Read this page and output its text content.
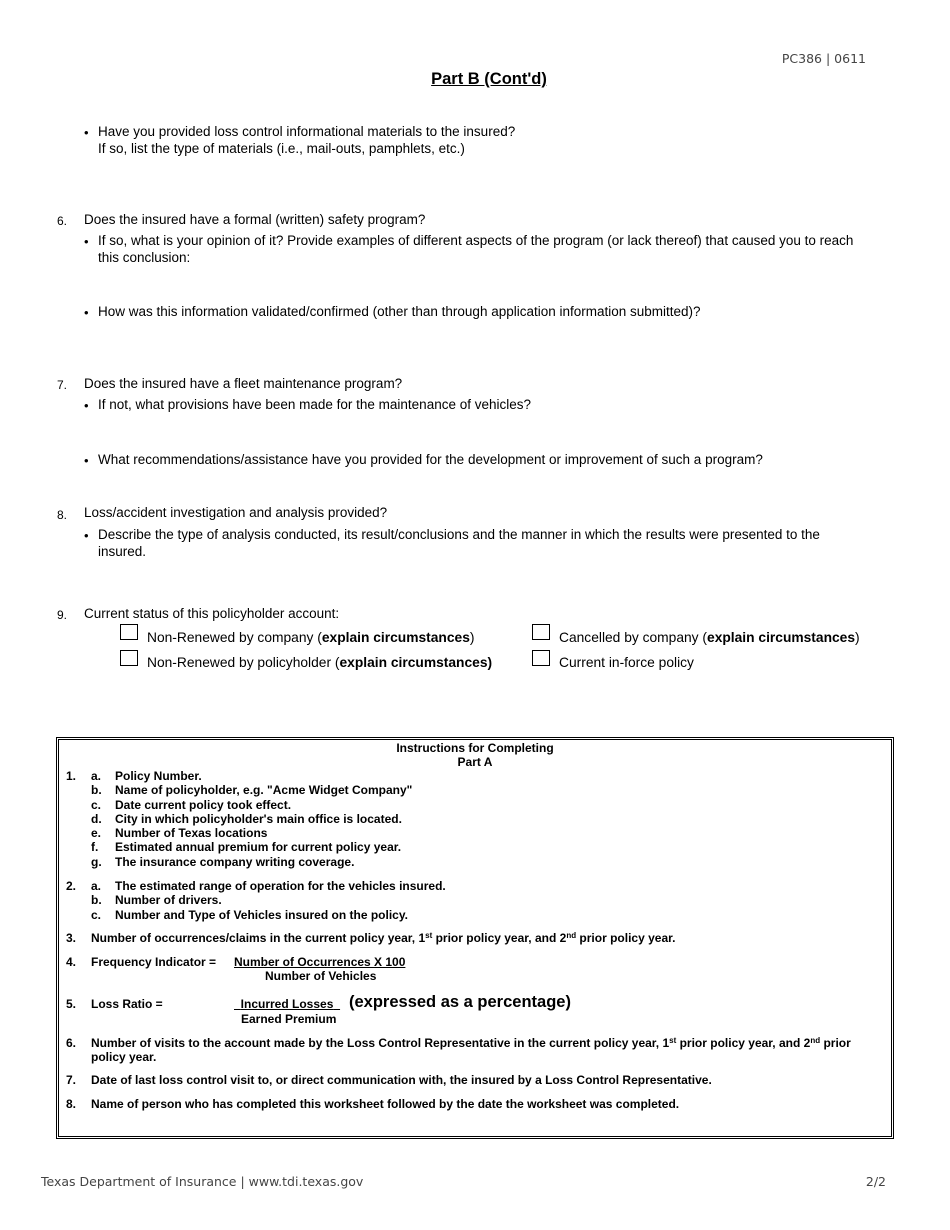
PC386 | 0611
Part B (Cont'd)
• Have you provided loss control informational materials to the insured?
If so, list the type of materials (i.e., mail-outs, pamphlets, etc.)
6. Does the insured have a formal (written) safety program?
• If so, what is your opinion of it? Provide examples of different aspects of the program (or lack thereof) that caused you to reach
this conclusion:
• How was this information validated/confirmed (other than through application information submitted)?
7. Does the insured have a fleet maintenance program?
• If not, what provisions have been made for the maintenance of vehicles?
• What recommendations/assistance have you provided for the development or improvement of such a program?
8. Loss/accident investigation and analysis provided?
• Describe the type of analysis conducted, its result/conclusions and the manner in which the results were presented to the
insured.
9. Current status of this policyholder account:
Non-Renewed by company (explain circumstances)	Cancelled by company (explain circumstances)
Non-Renewed by policyholder (explain circumstances)	Current in-force policy
Instructions for Completing
Part A
1. a.	Policy Number.
b.	Name of policyholder, e.g. "Acme Widget Company"
c.	Date current policy took effect.
d.	City in which policyholder's main office is located.
e.	Number of Texas locations
f.	Estimated annual premium for current policy year.
g.	The insurance company writing coverage.
2. a.	The estimated range of operation for the vehicles insured.
b.	Number of drivers.
c.	Number and Type of Vehicles insured on the policy.
3. Number of occurrences/claims in the current policy year, 1st prior policy year, and 2nd prior policy year.
4. Frequency Indicator = Number of Occurrences X 100
Number of Vehicles
5. Loss Ratio =	Incurred Losses (expressed as a percentage)
Earned Premium
6. Number of visits to the account made by the Loss Control Representative in the current policy year, 1st prior policy year, and 2nd prior
policy year.
7. Date of last loss control visit to, or direct communication with, the insured by a Loss Control Representative.
8. Name of person who has completed this worksheet followed by the date the worksheet was completed.
Texas Department of Insurance | www.tdi.texas.gov	2/2
